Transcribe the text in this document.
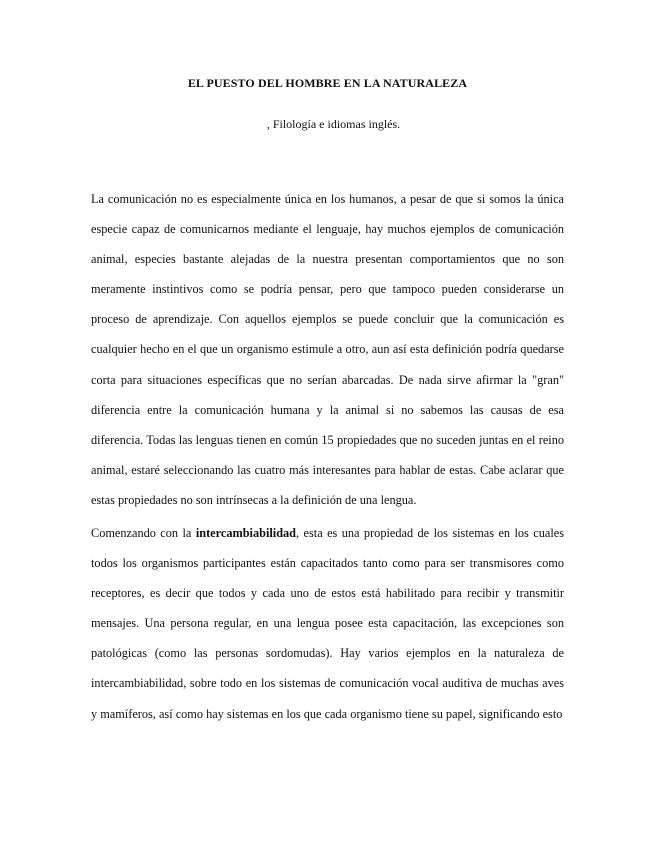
EL PUESTO DEL HOMBRE EN LA NATURALEZA
, Filología e idiomas inglés.

La comunicación no es especialmente única en los humanos, a pesar de que si somos la única especie capaz de comunicarnos mediante el lenguaje, hay muchos ejemplos de comunicación animal, especies bastante alejadas de la nuestra presentan comportamientos que no son meramente instintivos como se podría pensar, pero que tampoco pueden considerarse un proceso de aprendizaje. Con aquellos ejemplos se puede concluir que la comunicación es cualquier hecho en el que un organismo estimule a otro, aun así esta definición podría quedarse corta para situaciones específicas que no serían abarcadas. De nada sirve afirmar la "gran" diferencia entre la comunicación humana y la animal si no sabemos las causas de esa diferencia. Todas las lenguas tienen en común 15 propiedades que no suceden juntas en el reino animal, estaré seleccionando las cuatro más interesantes para hablar de estas. Cabe aclarar que estas propiedades no son intrínsecas a la definición de una lengua.

Comenzando con la intercambiabilidad, esta es una propiedad de los sistemas en los cuales todos los organismos participantes están capacitados tanto como para ser transmisores como receptores, es decir que todos y cada uno de estos está habilitado para recibir y transmitir mensajes. Una persona regular, en una lengua posee esta capacitación, las excepciones son patológicas (como las personas sordomudas). Hay varios ejemplos en la naturaleza de intercambiabilidad, sobre todo en los sistemas de comunicación vocal auditiva de muchas aves y mamíferos, así como hay sistemas en los que cada organismo tiene su papel, significando esto
